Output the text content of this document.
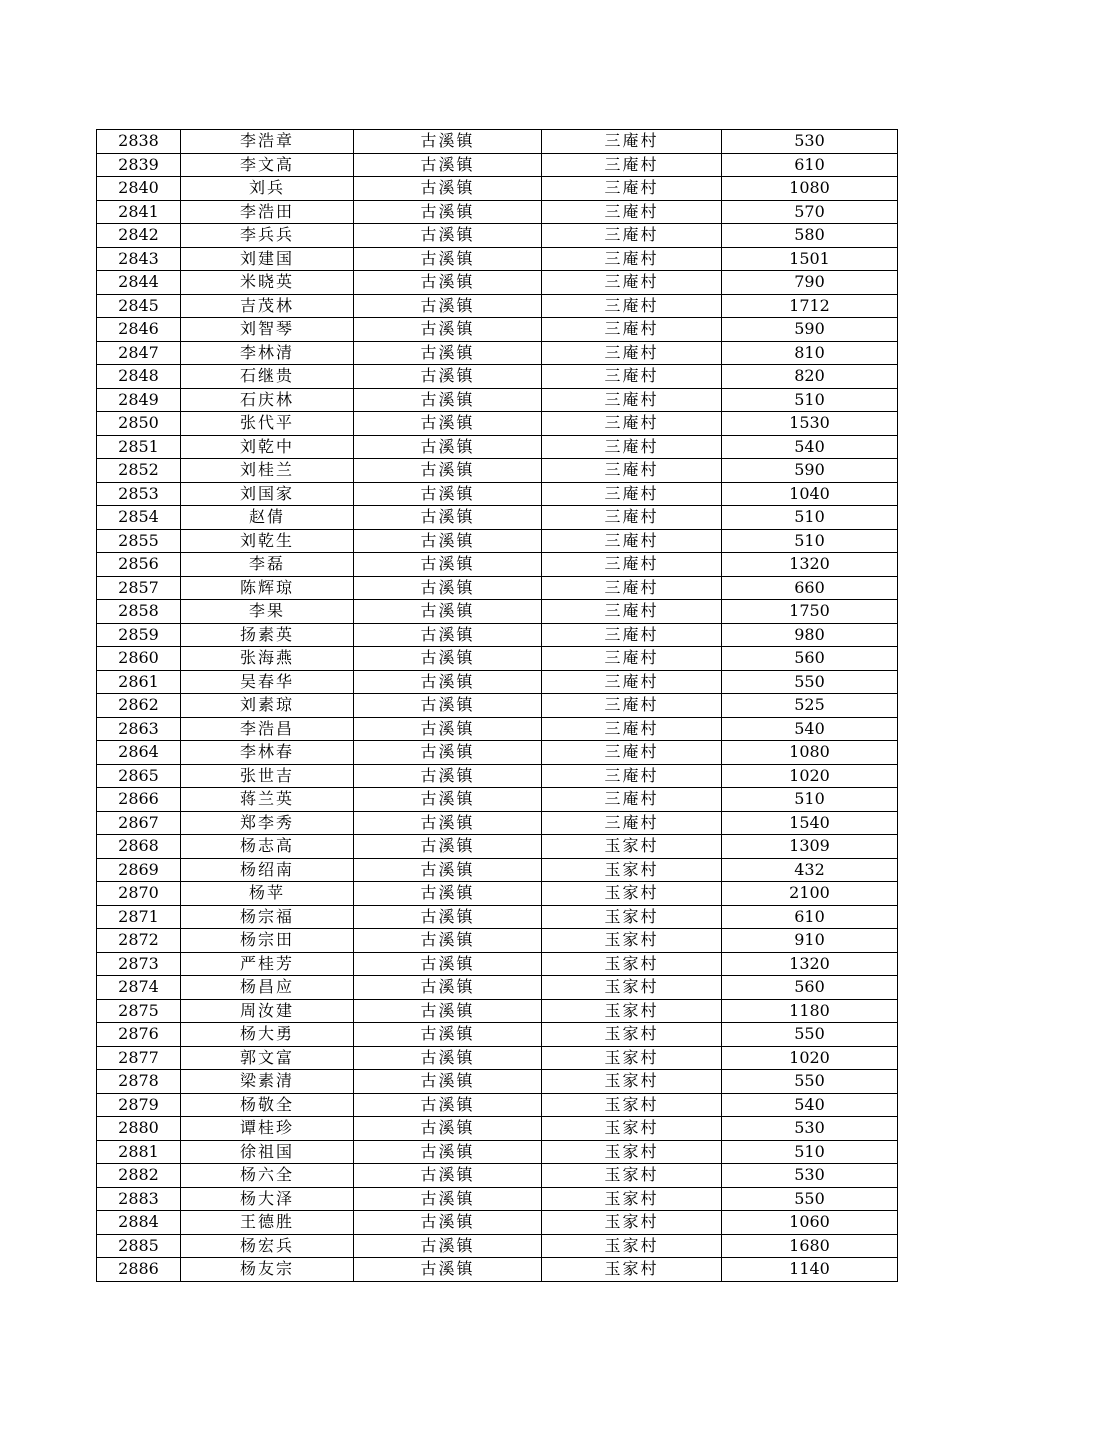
2838	李浩章	古溪镇	三庵村	530
2839	李文高	古溪镇	三庵村	610
2840	刘兵	古溪镇	三庵村	1080
2841	李浩田	古溪镇	三庵村	570
2842	李兵兵	古溪镇	三庵村	580
2843	刘建国	古溪镇	三庵村	1501
2844	米晓英	古溪镇	三庵村	790
2845	吉茂林	古溪镇	三庵村	1712
2846	刘智琴	古溪镇	三庵村	590
2847	李林清	古溪镇	三庵村	810
2848	石继贵	古溪镇	三庵村	820
2849	石庆林	古溪镇	三庵村	510
2850	张代平	古溪镇	三庵村	1530
2851	刘乾中	古溪镇	三庵村	540
2852	刘桂兰	古溪镇	三庵村	590
2853	刘国家	古溪镇	三庵村	1040
2854	赵倩	古溪镇	三庵村	510
2855	刘乾生	古溪镇	三庵村	510
2856	李磊	古溪镇	三庵村	1320
2857	陈辉琼	古溪镇	三庵村	660
2858	李果	古溪镇	三庵村	1750
2859	扬素英	古溪镇	三庵村	980
2860	张海燕	古溪镇	三庵村	560
2861	吴春华	古溪镇	三庵村	550
2862	刘素琼	古溪镇	三庵村	525
2863	李浩昌	古溪镇	三庵村	540
2864	李林春	古溪镇	三庵村	1080
2865	张世吉	古溪镇	三庵村	1020
2866	蒋兰英	古溪镇	三庵村	510
2867	郑李秀	古溪镇	三庵村	1540
2868	杨志高	古溪镇	玉家村	1309
2869	杨绍南	古溪镇	玉家村	432
2870	杨苹	古溪镇	玉家村	2100
2871	杨宗福	古溪镇	玉家村	610
2872	杨宗田	古溪镇	玉家村	910
2873	严桂芳	古溪镇	玉家村	1320
2874	杨昌应	古溪镇	玉家村	560
2875	周汝建	古溪镇	玉家村	1180
2876	杨大勇	古溪镇	玉家村	550
2877	郭文富	古溪镇	玉家村	1020
2878	梁素清	古溪镇	玉家村	550
2879	杨敬全	古溪镇	玉家村	540
2880	谭桂珍	古溪镇	玉家村	530
2881	徐祖国	古溪镇	玉家村	510
2882	杨六全	古溪镇	玉家村	530
2883	杨大泽	古溪镇	玉家村	550
2884	王德胜	古溪镇	玉家村	1060
2885	杨宏兵	古溪镇	玉家村	1680
2886	杨友宗	古溪镇	玉家村	1140
